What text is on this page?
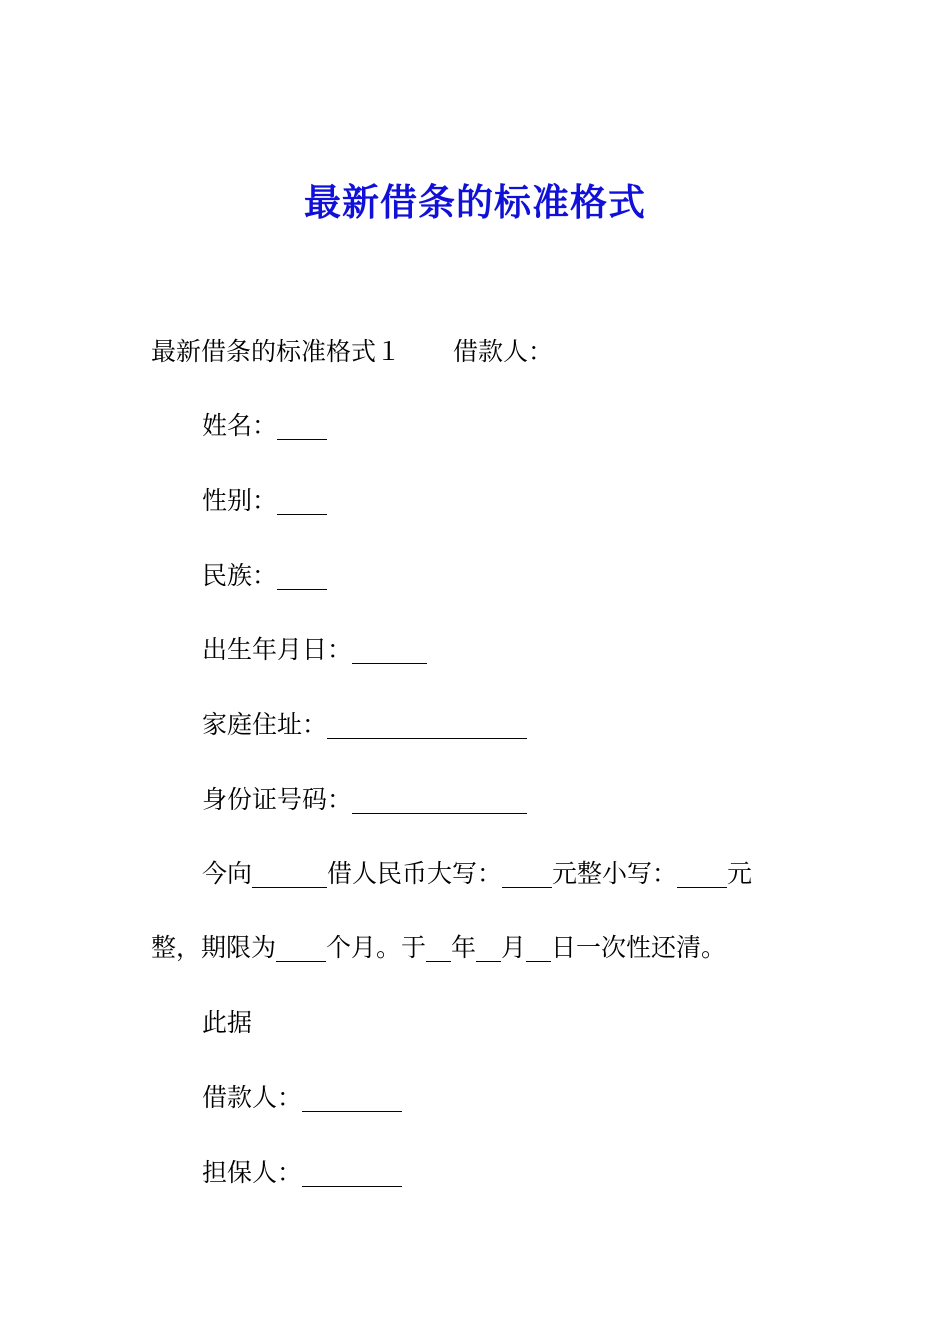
最新借条的标准格式
最新借条的标准格式１ 借款人：
姓名：____
性别：____
民族：____
出生年月日：______
家庭住址：________________
身份证号码：______________
今向______借人民币大写：____元整小写：____元
整，期限为____个月。于__年__月__日一次性还清。
此据
借款人：________
担保人：________
